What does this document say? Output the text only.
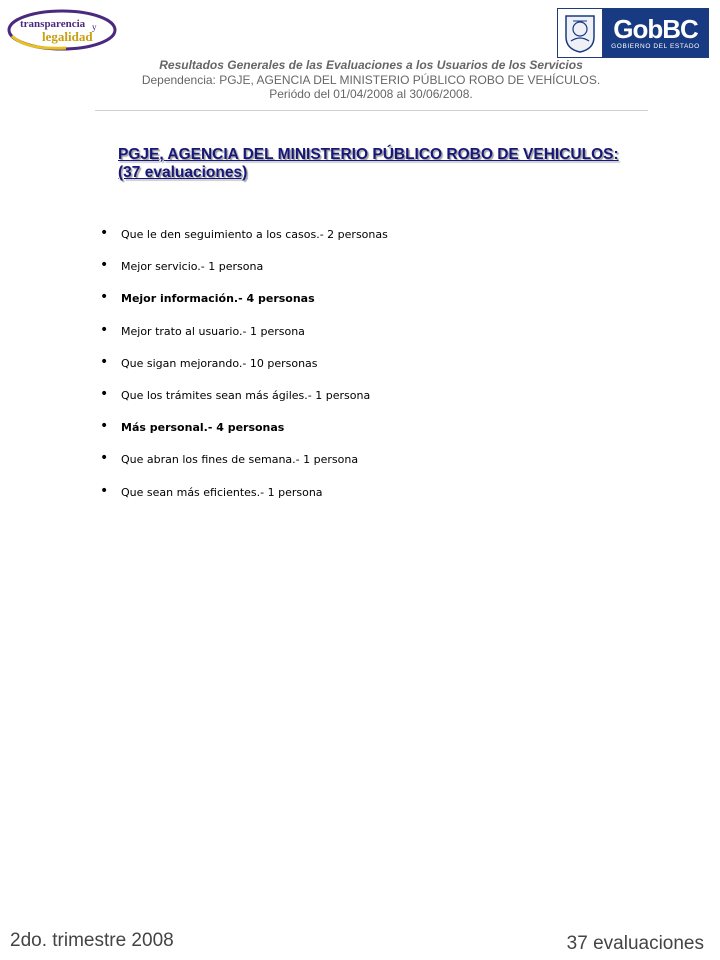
transparencia y
legalidad	GobBC
GOBIERNO DEL ESTADO
Resultados Generales de las Evaluaciones a los Usuarios de los Servicios
Dependencia: PGJE, AGENCIA DEL MINISTERIO PÚBLICO ROBO DE VEHÍCULOS.
Periódo del 01/04/2008 al 30/06/2008.
PGJE, AGENCIA DEL MINISTERIO PÚBLICO ROBO DE VEHICULOS:
(37 evaluaciones)
•	Que le den seguimiento a los casos.- 2 personas
•	Mejor servicio.- 1 persona
•	Mejor información.- 4 personas
•	Mejor trato al usuario.- 1 persona
•	Que sigan mejorando.- 10 personas
•	Que los trámites sean más ágiles.- 1 persona
•	Más personal.- 4 personas
•	Que abran los fines de semana.- 1 persona
•	Que sean más eficientes.- 1 persona
2do. trimestre 2008	37 evaluaciones
